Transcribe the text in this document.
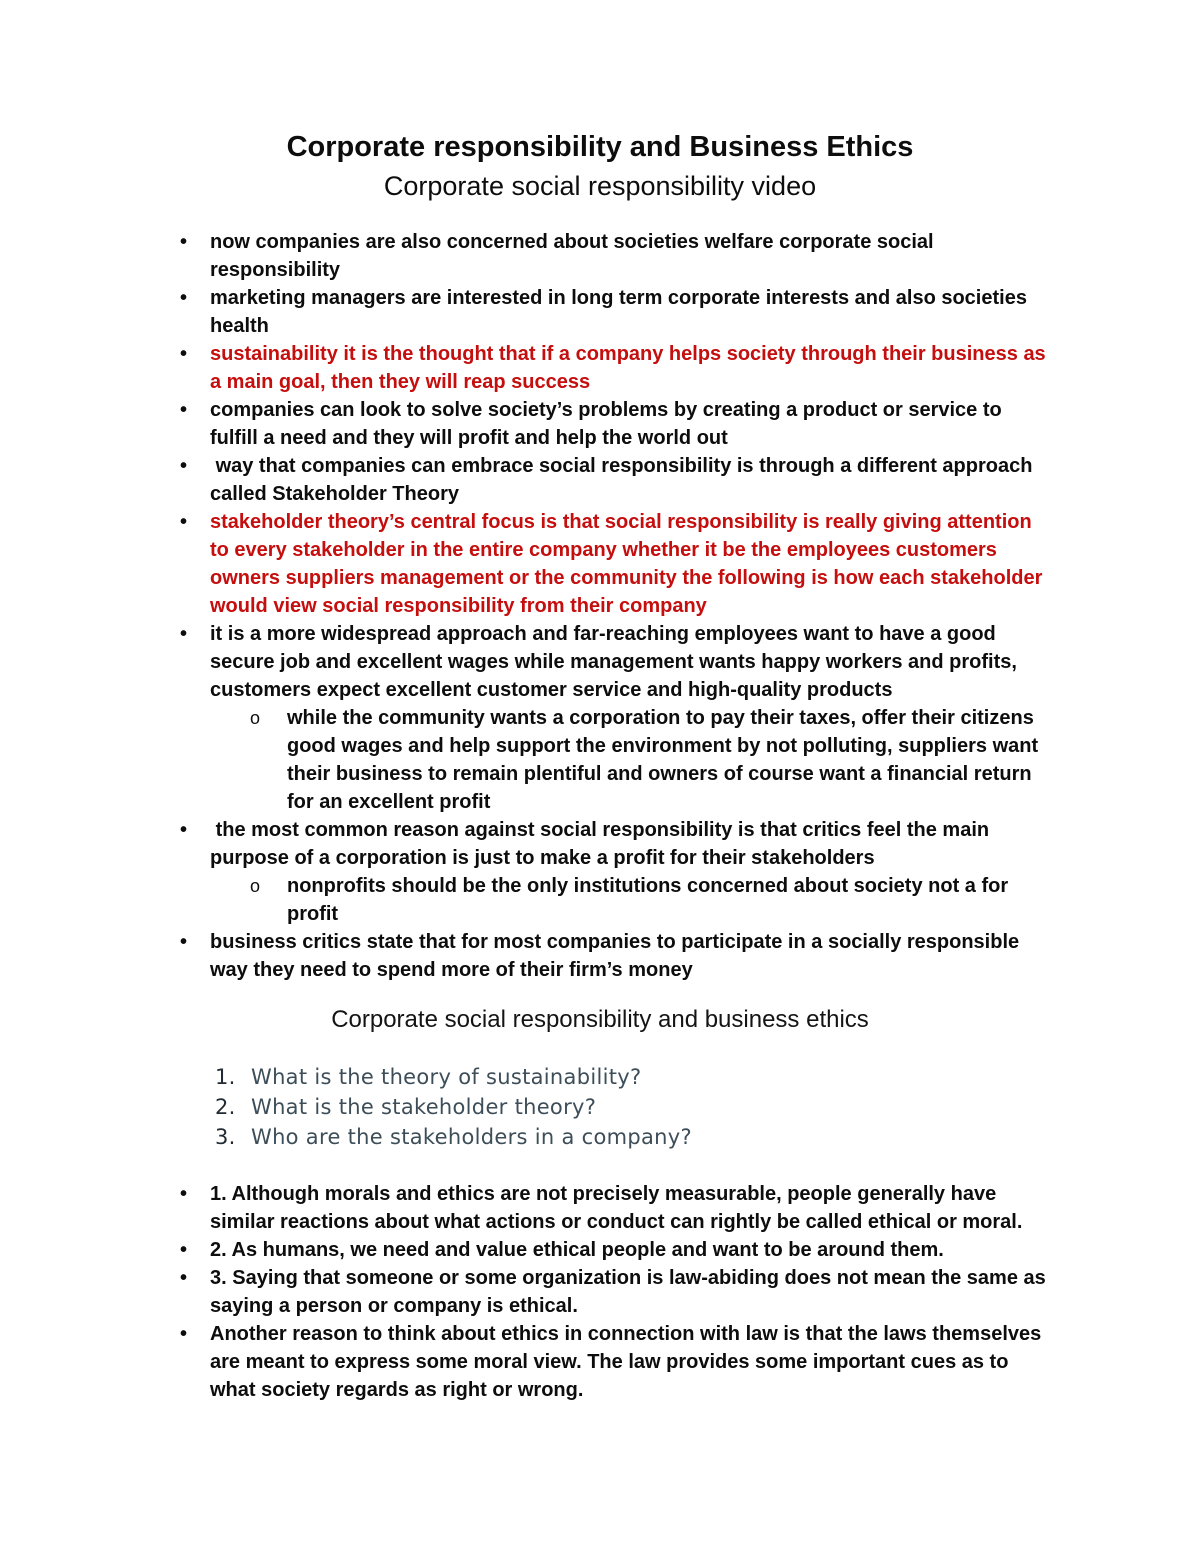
Corporate responsibility and Business Ethics
Corporate social responsibility video
•	now companies are also concerned about societies welfare corporate social responsibility
•	marketing managers are interested in long term corporate interests and also societies health
•	sustainability it is the thought that if a company helps society through their business as a main goal, then they will reap success
•	companies can look to solve society’s problems by creating a product or service to fulfill a need and they will profit and help the world out
•	way that companies can embrace social responsibility is through a different approach called Stakeholder Theory
•	stakeholder theory’s central focus is that social responsibility is really giving attention to every stakeholder in the entire company whether it be the employees customers owners suppliers management or the community the following is how each stakeholder would view social responsibility from their company
•	it is a more widespread approach and far-reaching employees want to have a good secure job and excellent wages while management wants happy workers and profits, customers expect excellent customer service and high-quality products
o	while the community wants a corporation to pay their taxes, offer their citizens good wages and help support the environment by not polluting, suppliers want their business to remain plentiful and owners of course want a financial return for an excellent profit
•	the most common reason against social responsibility is that critics feel the main purpose of a corporation is just to make a profit for their stakeholders
o	nonprofits should be the only institutions concerned about society not a for profit
•	business critics state that for most companies to participate in a socially responsible way they need to spend more of their firm’s money
Corporate social responsibility and business ethics
1. What is the theory of sustainability?
2. What is the stakeholder theory?
3. Who are the stakeholders in a company?
•	1. Although morals and ethics are not precisely measurable, people generally have similar reactions about what actions or conduct can rightly be called ethical or moral.
•	2. As humans, we need and value ethical people and want to be around them.
•	3. Saying that someone or some organization is law-abiding does not mean the same as saying a person or company is ethical.
•	Another reason to think about ethics in connection with law is that the laws themselves are meant to express some moral view. The law provides some important cues as to what society regards as right or wrong.
